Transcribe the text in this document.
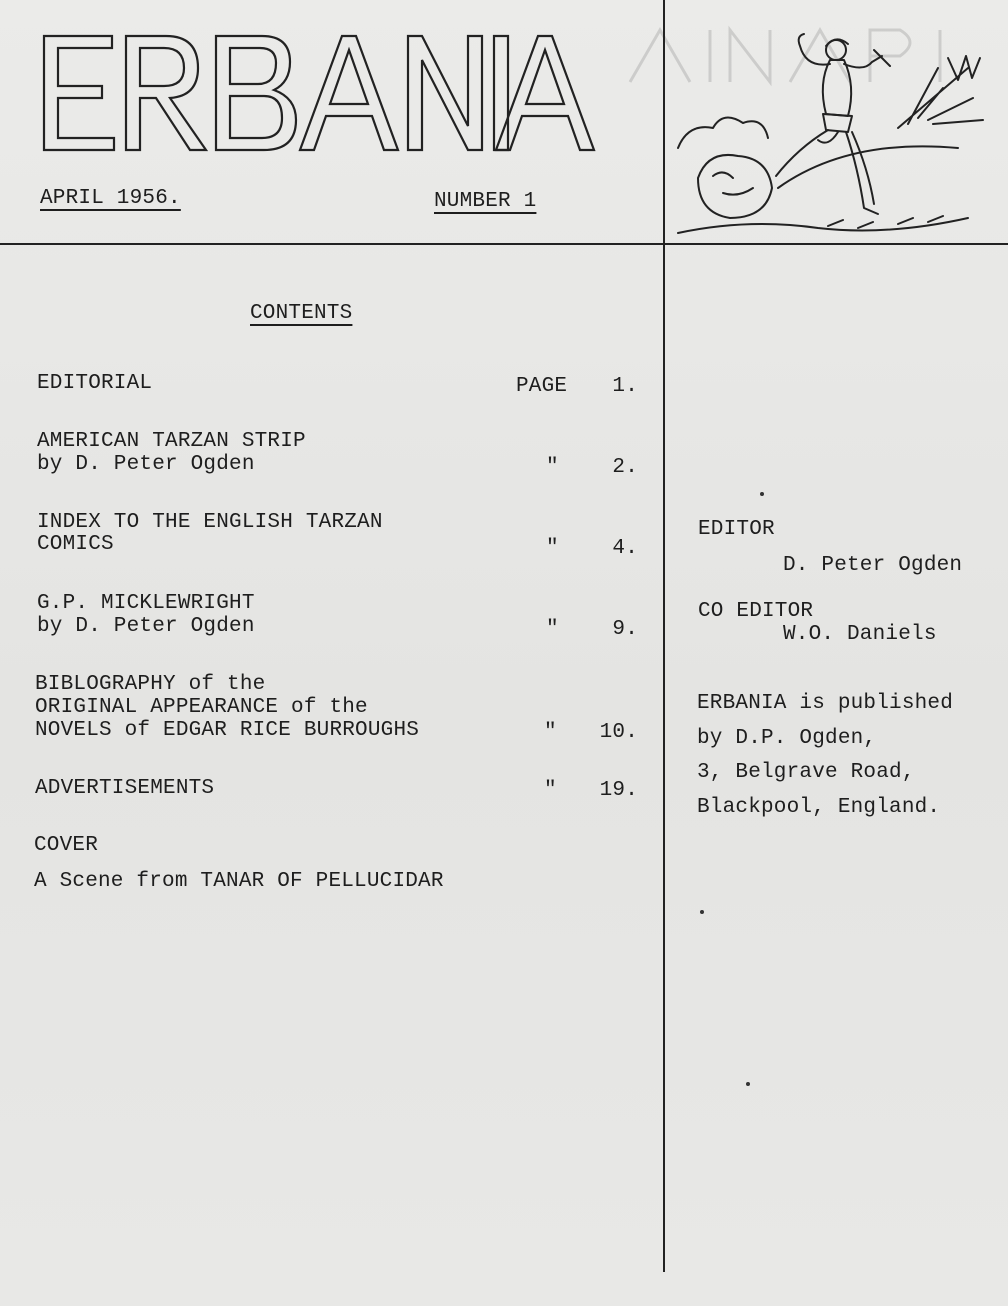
APRIL 1956.	NUMBER 1
CONTENTS
EDITORIAL	PAGE	1.
AMERICAN TARZAN STRIP
by D. Peter Ogden	"	2.
INDEX TO THE ENGLISH TARZAN
COMICS	"	4.
G.P. MICKLEWRIGHT
by D. Peter Ogden	"	9.
BIBLOGRAPHY of the
ORIGINAL APPEARANCE of the
NOVELS of EDGAR RICE BURROUGHS	"	10.
ADVERTISEMENTS	"	19.
COVER
A Scene from TANAR OF PELLUCIDAR
EDITOR
D. Peter Ogden
CO EDITOR
W.O. Daniels
ERBANIA is published
by D.P. Ogden,
3, Belgrave Road,
Blackpool, England.
